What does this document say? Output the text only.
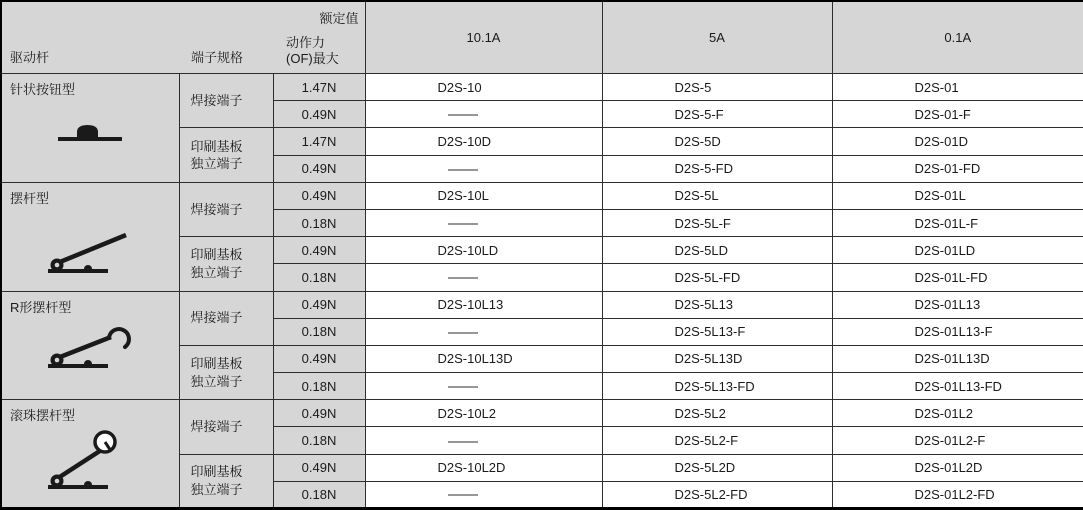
驱动杆	端子规格	额定值
动作力
(OF)最大	10.1A	5A	0.1A

针状按钮型	焊接端子	1.47N	D2S-10	D2S-5	D2S-01
		0.49N		D2S-5-F	D2S-01-F
	印刷基板
独立端子	1.47N	D2S-10D	D2S-5D	D2S-01D
		0.49N		D2S-5-FD	D2S-01-FD

摆杆型	焊接端子	0.49N	D2S-10L	D2S-5L	D2S-01L
		0.18N		D2S-5L-F	D2S-01L-F
	印刷基板
独立端子	0.49N	D2S-10LD	D2S-5LD	D2S-01LD
		0.18N		D2S-5L-FD	D2S-01L-FD

R形摆杆型	焊接端子	0.49N	D2S-10L13	D2S-5L13	D2S-01L13
		0.18N		D2S-5L13-F	D2S-01L13-F
	印刷基板
独立端子	0.49N	D2S-10L13D	D2S-5L13D	D2S-01L13D
		0.18N		D2S-5L13-FD	D2S-01L13-FD

滚珠摆杆型	焊接端子	0.49N	D2S-10L2	D2S-5L2	D2S-01L2
		0.18N		D2S-5L2-F	D2S-01L2-F
	印刷基板
独立端子	0.49N	D2S-10L2D	D2S-5L2D	D2S-01L2D
		0.18N		D2S-5L2-FD	D2S-01L2-FD
